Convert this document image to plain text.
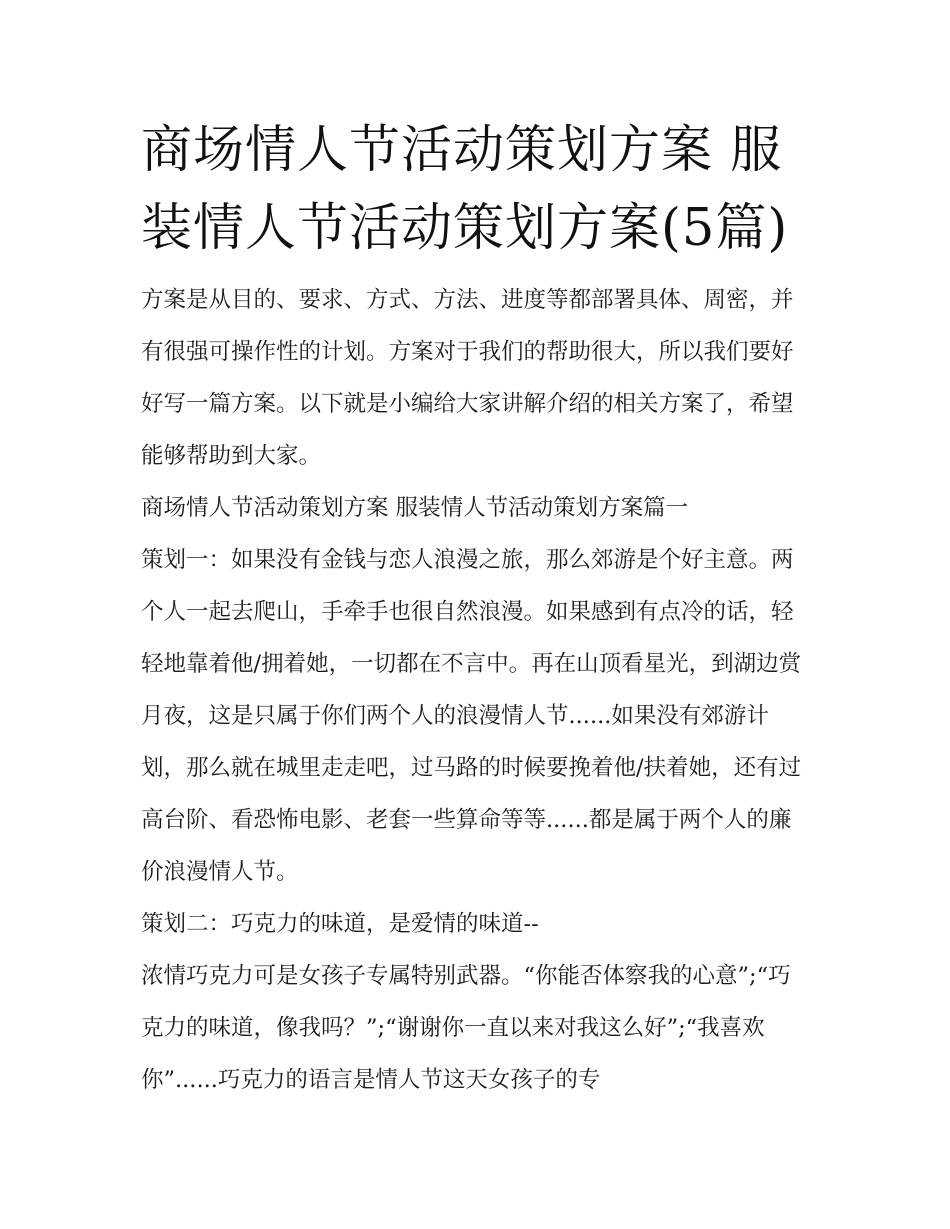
商场情人节活动策划方案 服装情人节活动策划方案(5篇)

方案是从目的、要求、方式、方法、进度等都部署具体、周密，并有很强可操作性的计划。方案对于我们的帮助很大，所以我们要好好写一篇方案。以下就是小编给大家讲解介绍的相关方案了，希望能够帮助到大家。

商场情人节活动策划方案 服装情人节活动策划方案篇一

策划一：如果没有金钱与恋人浪漫之旅，那么郊游是个好主意。两个人一起去爬山，手牵手也很自然浪漫。如果感到有点冷的话，轻轻地靠着他/拥着她，一切都在不言中。再在山顶看星光，到湖边赏月夜，这是只属于你们两个人的浪漫情人节......如果没有郊游计划，那么就在城里走走吧，过马路的时候要挽着他/扶着她，还有过高台阶、看恐怖电影、老套一些算命等等......都是属于两个人的廉价浪漫情人节。

策划二：巧克力的味道，是爱情的味道--

浓情巧克力可是女孩子专属特别武器。“你能否体察我的心意”;“巧克力的味道，像我吗？”;“谢谢你一直以来对我这么好”;“我喜欢你”......巧克力的语言是情人节这天女孩子的专
